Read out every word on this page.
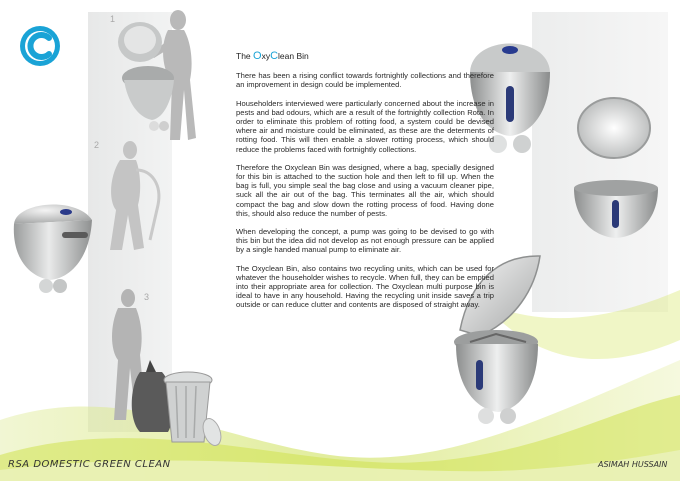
1
2
3
The OxyClean Bin

There has been a rising conflict towards fortnightly collections and therefore an improvement in design could be implemented.

Householders interviewed were particularly concerned about the increase in pests and bad odours, which are a result of the fortnightly collection Rota. In order to eliminate this problem of rotting food, a system could be devised where air and moisture could be eliminated, as these are the determents of rotting food. This will then enable a slower rotting process, which should reduce the problems faced with fortnightly collections.

Therefore the Oxyclean Bin was designed, where a bag, specially designed for this bin is attached to the suction hole and then left to fill up. When the bag is full, you simple seal the bag close and using a vacuum cleaner pipe, suck all the air out of the bag. This terminates all the air, which should compact the bag and slow down the rotting process of food. Having done this, should also reduce the number of pests.

When developing the concept, a pump was going to be devised to go with this bin but the idea did not develop as not enough pressure can be applied by a single handed manual pump to eliminate air.

The Oxyclean Bin, also contains two recycling units, which can be used for whatever the householder wishes to recycle. When full, they can be emptied into their appropriate area for collection. The Oxyclean multi purpose bin is ideal to have in any household. Having the recycling unit inside saves a trip outside or can reduce clutter and contents are disposed of straight away.

RSA DOMESTIC GREEN CLEAN	ASIMAH HUSSAIN
